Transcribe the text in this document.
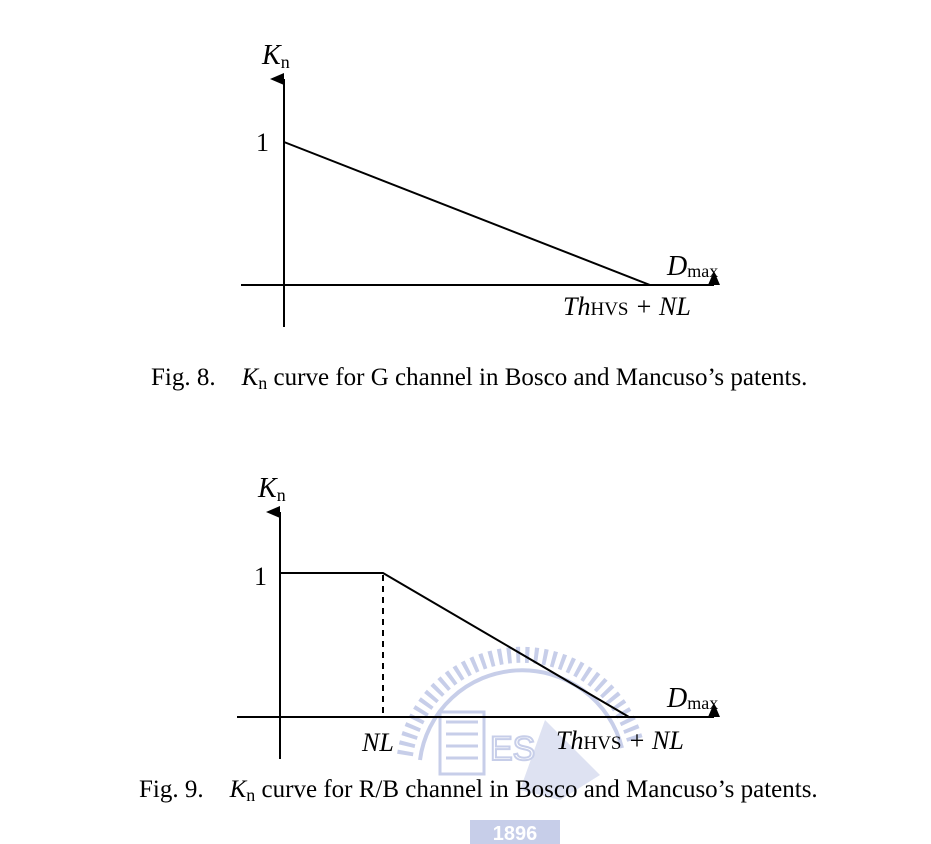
ES
1896
Kn
1
Dmax
ThHVS + NL
Kn
1
Dmax
NL	ThHVS + NL
Fig. 8. Kn curve for G channel in Bosco and Mancuso’s patents.
Fig. 9. Kn curve for R/B channel in Bosco and Mancuso’s patents.
